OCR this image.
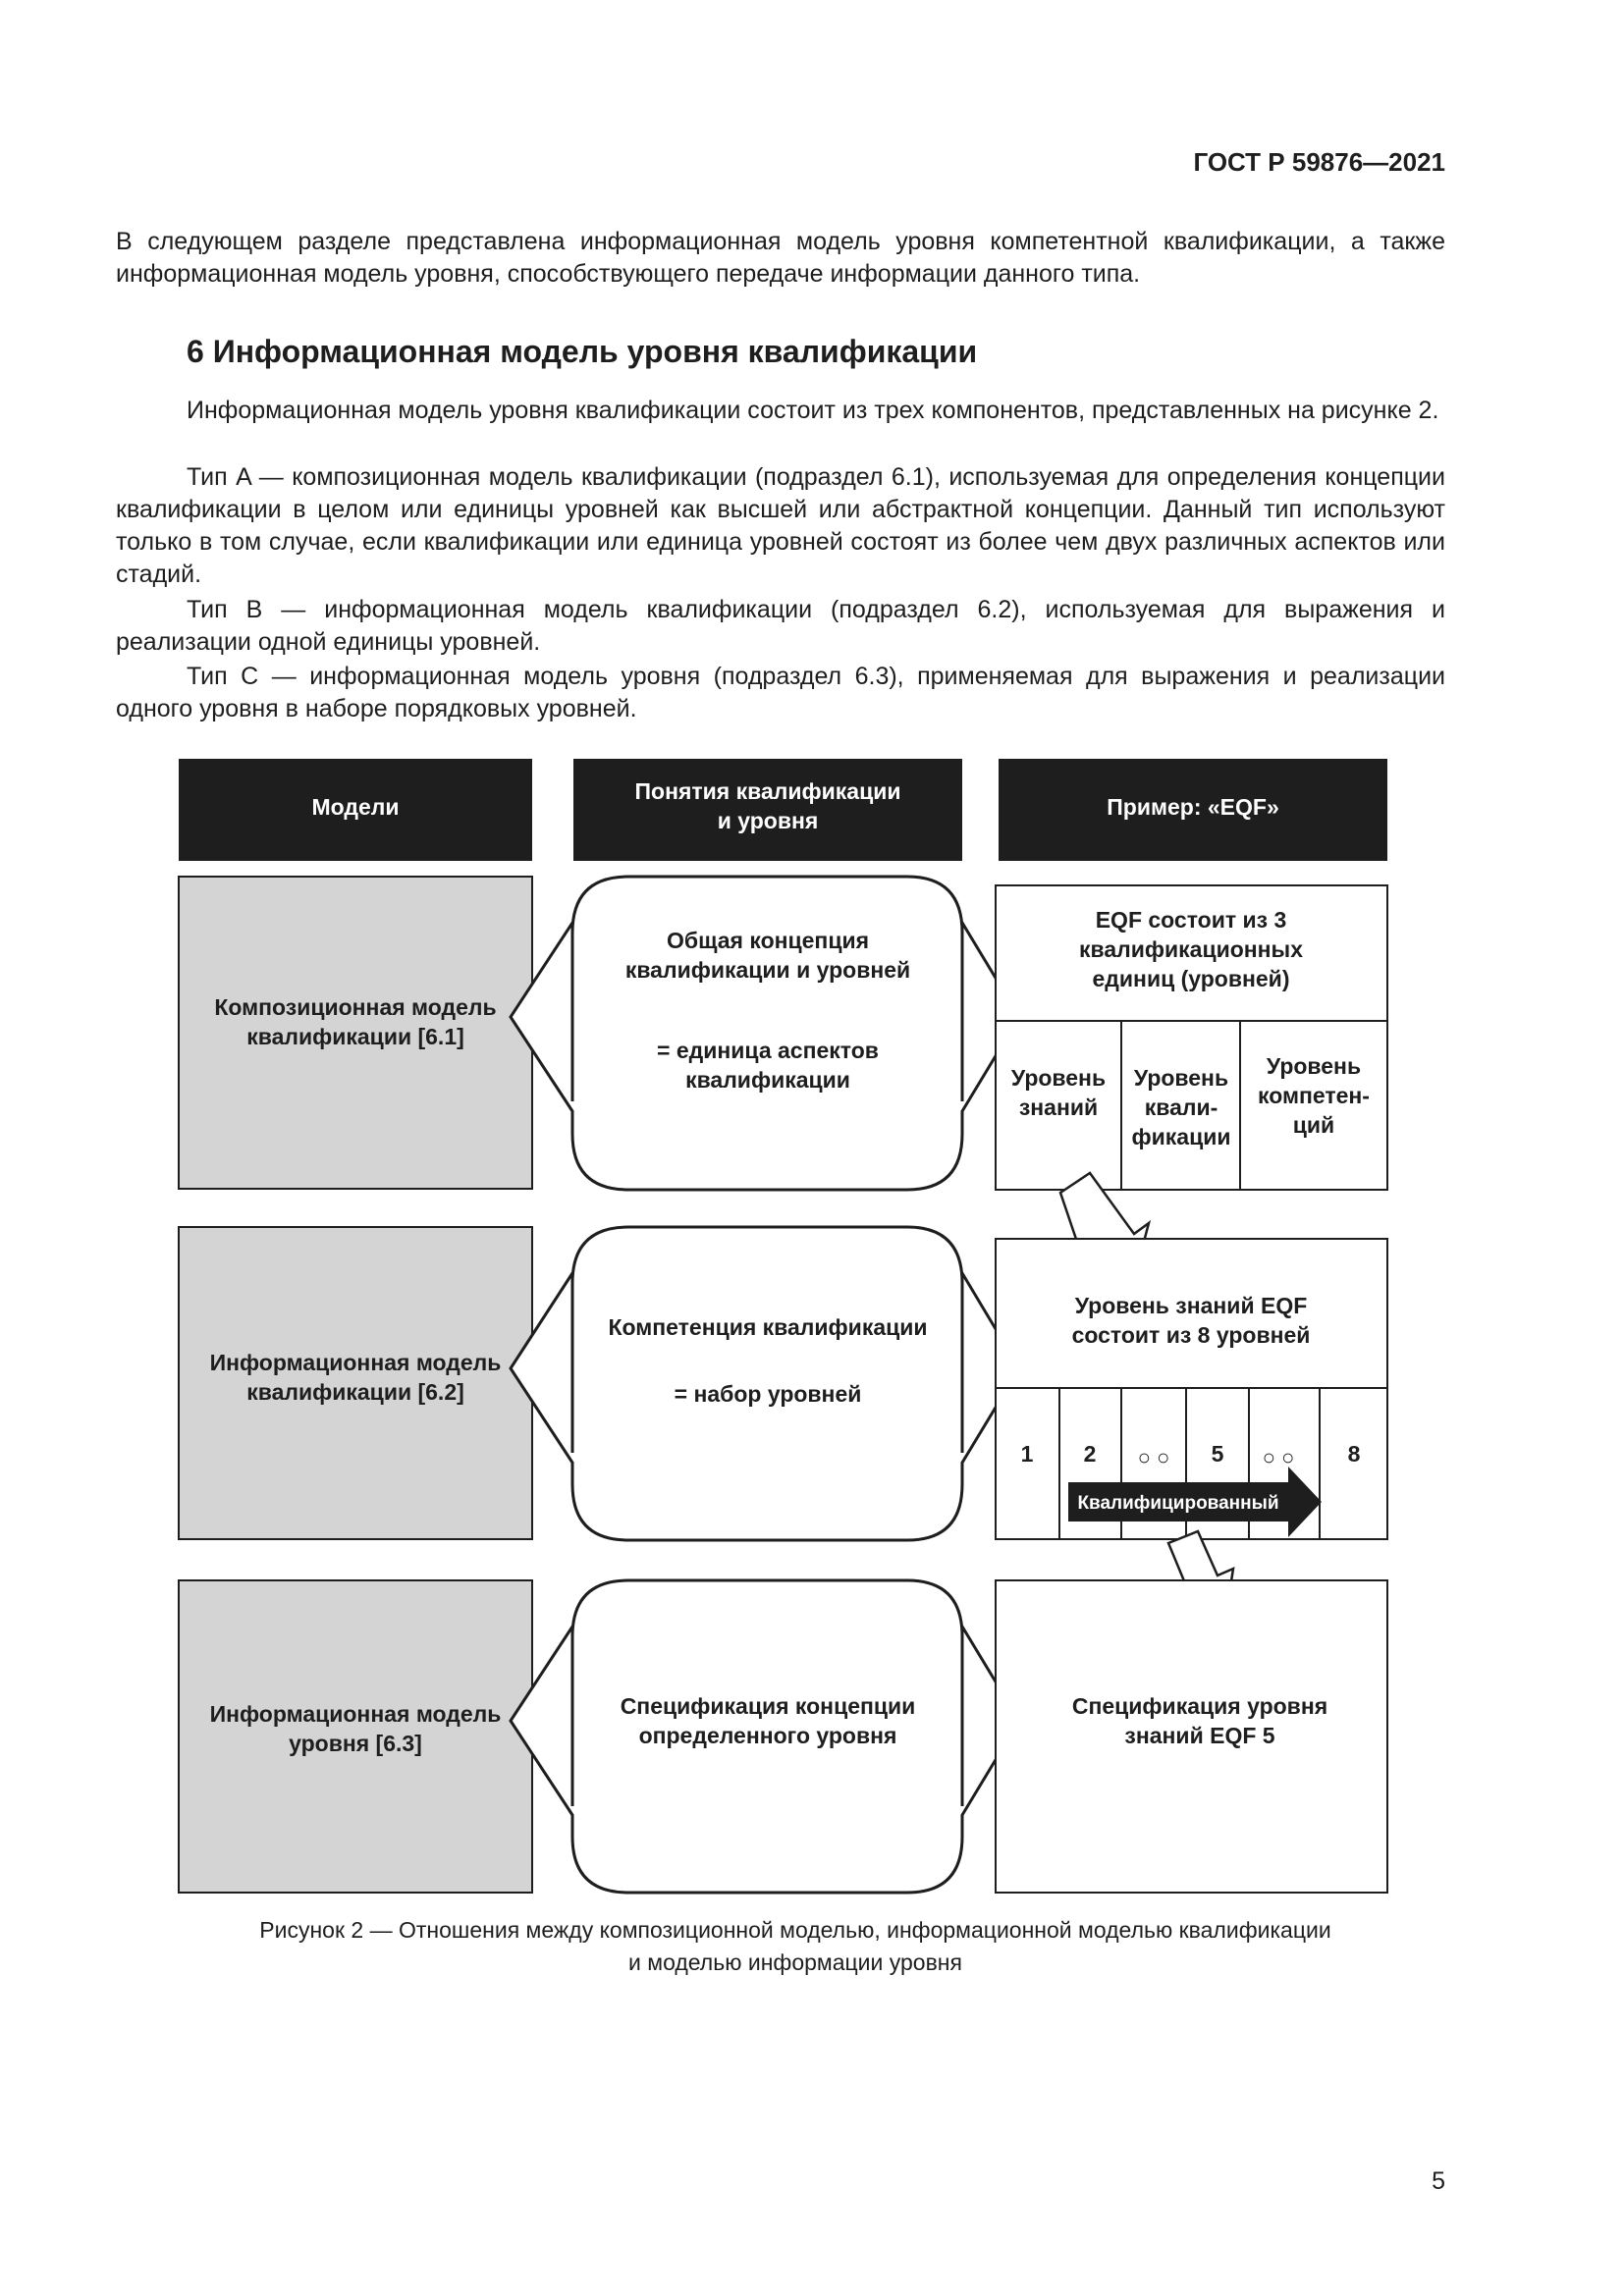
ГОСТ Р 59876—2021

В следующем разделе представлена информационная модель уровня компетентной квалификации, а также информационная модель уровня, способствующего передаче информации данного типа.

6 Информационная модель уровня квалификации

Информационная модель уровня квалификации состоит из трех компонентов, представленных на рисунке 2.

Тип A — композиционная модель квалификации (подраздел 6.1), используемая для определения концепции квалификации в целом или единицы уровней как высшей или абстрактной концепции. Данный тип используют только в том случае, если квалификации или единица уровней состоят из более чем двух различных аспектов или стадий.

Тип B — информационная модель квалификации (подраздел 6.2), используемая для выражения и реализации одной единицы уровней.

Тип C — информационная модель уровня (подраздел 6.3), применяемая для выражения и реализации одного уровня в наборе порядковых уровней.

Модели
Понятия квалификации
и уровня
Пример: «EQF»
Композиционная модель
квалификации [6.1]
Общая концепция
квалификации и уровней
= единица аспектов
квалификации
EQF состоит из 3
квалификационных
единиц (уровней)
Уровень
знаний
Уровень
квали-
фикации
Уровень
компетен-
ций
Информационная модель
квалификации [6.2]
Компетенция квалификации
= набор уровней
Уровень знаний EQF
состоит из 8 уровней
1 2 ○ ○ 5 ○ ○ 8
Квалифицированный
Информационная модель
уровня [6.3]
Спецификация концепции
определенного уровня
Спецификация уровня
знаний EQF 5
Рисунок 2 — Отношения между композиционной моделью, информационной моделью квалификации
и моделью информации уровня
5
